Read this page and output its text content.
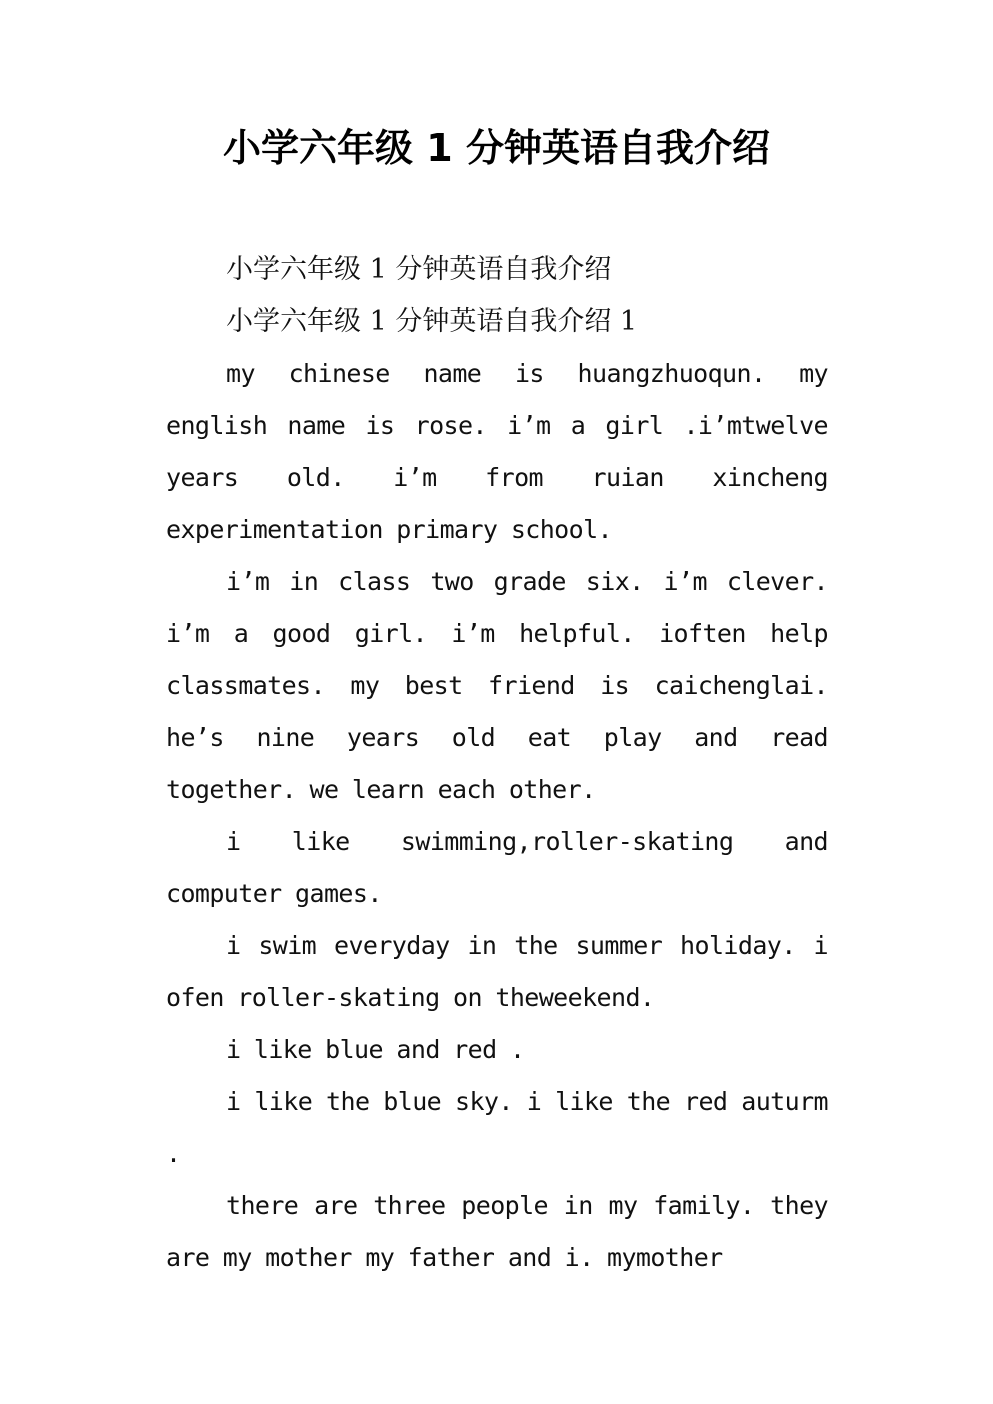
小学六年级 1 分钟英语自我介绍

小学六年级 1 分钟英语自我介绍

小学六年级 1 分钟英语自我介绍 1

my chinese name is huangzhuoqun. my english name is rose. i’m a girl .i’mtwelve years old. i’m from ruian xincheng experimentation primary school.

i’m in class two grade six. i’m clever. i’m a good girl. i’m helpful. ioften help classmates. my best friend is caichenglai. he’s nine years old eat play and read together. we learn each other.

i like swimming,roller-skating and computer games.

i swim everyday in the summer holiday. i ofen roller-skating on theweekend.

i like blue and red .

i like the blue sky. i like the red auturm .

there are three people in my family. they are my mother my father and i. mymother
